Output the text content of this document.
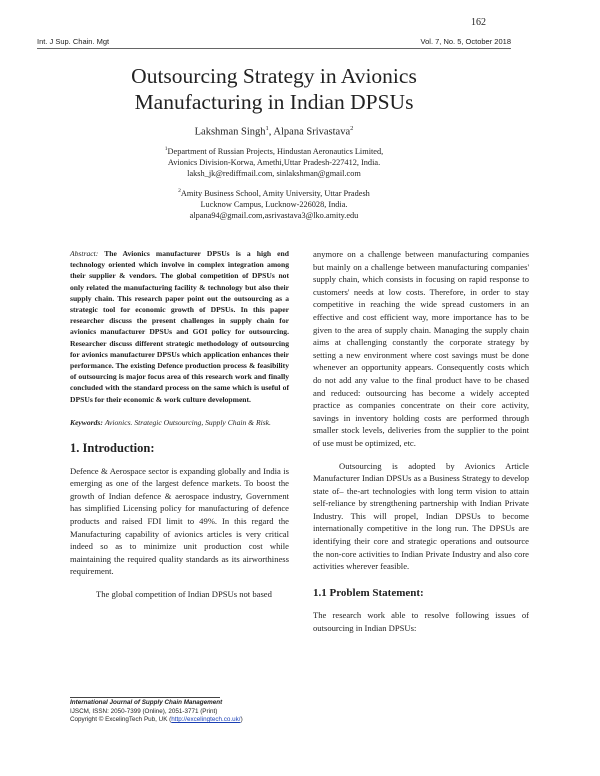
162
Int. J Sup. Chain. Mgt	Vol. 7, No. 5, October 2018
Outsourcing Strategy in Avionics
Manufacturing in Indian DPSUs
Lakshman Singh$^1$, Alpana Srivastava$^2$
$^1$Department of Russian Projects, Hindustan Aeronautics Limited,
Avionics Division-Korwa, Amethi,Uttar Pradesh-227412, India.
laksh_jk@rediffmail.com, sinlakshman@gmail.com
$^2$Amity Business School, Amity University, Uttar Pradesh
Lucknow Campus, Lucknow-226028, India.
alpana94@gmail.com,asrivastava3@lko.amity.edu

Abstract: The Avionics manufacturer DPSUs is a high end technology oriented which involve in complex integration among their supplier & vendors. The global competition of DPSUs not only related the manufacturing facility & technology but also their supply chain. This research paper point out the outsourcing as a strategic tool for economic growth of DPSUs. In this paper researcher discuss the present challenges in supply chain for avionics manufacturer DPSUs and GOI policy for outsourcing. Researcher discuss different strategic methodology of outsourcing for avionics manufacturer DPSUs which application enhances their performance. The existing Defence production process & feasibility of outsourcing is major focus area of this research work and finally concluded with the standard process on the same which is useful of DPSUs for their economic & work culture development.

Keywords: Avionics. Strategic Outsourcing, Supply Chain & Risk.

1. Introduction:

Defence & Aerospace sector is expanding globally and India is emerging as one of the largest defence markets. To boost the growth of Indian defence & aerospace industry, Government has simplified Licensing policy for manufacturing of defence products and raised FDI limit to 49%. In this regard the Manufacturing capability of avionics articles is very critical indeed so as to minimize unit production cost while maintaining the required quality standards as its airworthiness requirement.

The global competition of Indian DPSUs not based

anymore on a challenge between manufacturing companies but mainly on a challenge between manufacturing companies' supply chain, which consists in focusing on rapid response to customers' needs at low costs. Therefore, in order to stay competitive in reaching the wide spread customers in an effective and cost efficient way, more importance has to be given to the area of supply chain. Managing the supply chain aims at challenging constantly the corporate strategy by setting a new environment where cost savings must be done whenever an opportunity appears. Consequently costs which do not add any value to the final product have to be chased and reduced: outsourcing has become a widely accepted practice as companies concentrate on their core activity, savings in inventory holding costs are performed through smaller stock levels, deliveries from the supplier to the point of use must be optimized, etc.

Outsourcing is adopted by Avionics Article Manufacturer Indian DPSUs as a Business Strategy to develop state of– the-art technologies with long term vision to attain self-reliance by strengthening partnership with Indian Private Industry. This will propel, Indian DPSUs to become internationally competitive in the long run. The DPSUs are identifying their core and strategic operations and outsource the non-core activities to Indian Private Industry and also core activities wherever feasible.

1.1 Problem Statement:

The research work able to resolve following issues of outsourcing in Indian DPSUs:

International Journal of Supply Chain Management
IJSCM, ISSN: 2050-7399 (Online), 2051-3771 (Print)
Copyright © ExcelingTech Pub, UK (http://excelingtech.co.uk/)
